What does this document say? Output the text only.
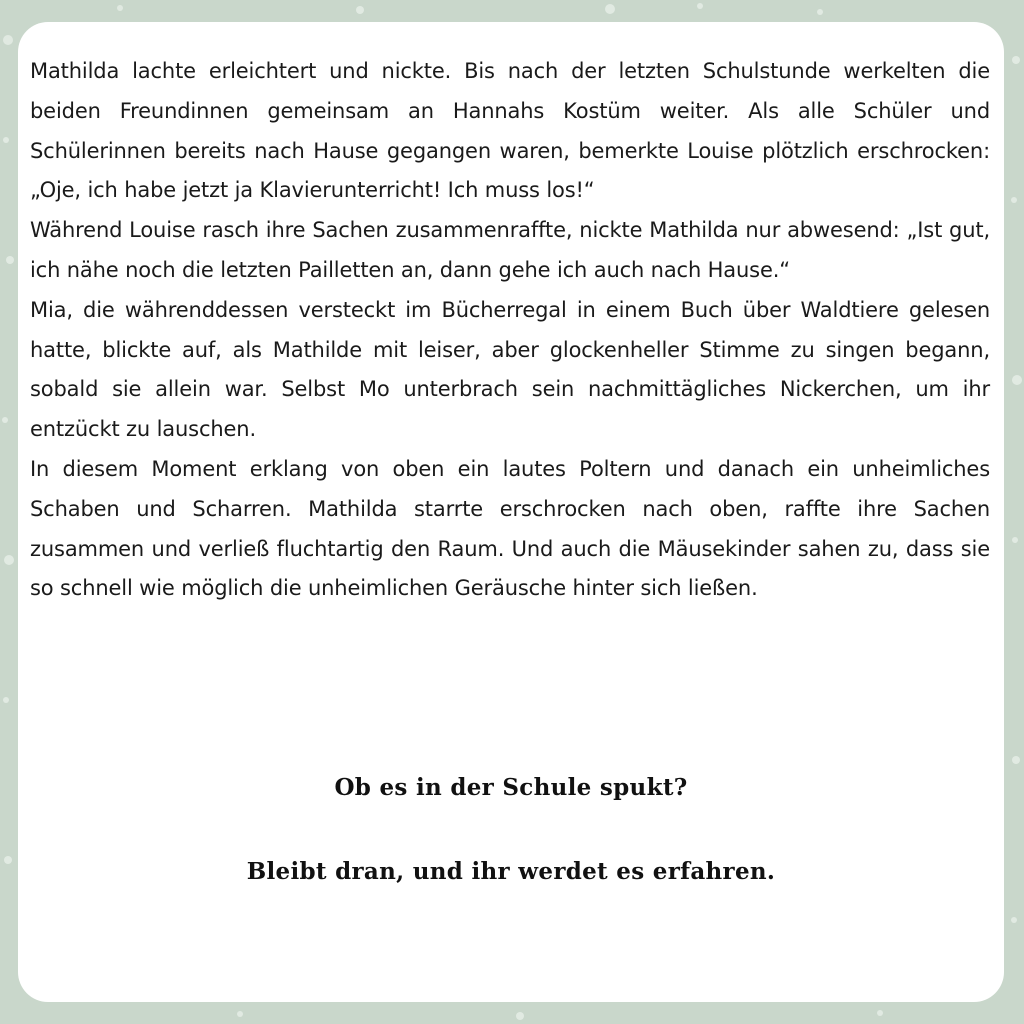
Mathilda lachte erleichtert und nickte. Bis nach der letzten Schulstunde werkelten die beiden Freundinnen gemeinsam an Hannahs Kostüm weiter. Als alle Schüler und Schülerinnen bereits nach Hause gegangen waren, bemerkte Louise plötzlich erschrocken: „Oje, ich habe jetzt ja Klavierunterricht! Ich muss los!“

Während Louise rasch ihre Sachen zusammenraffte, nickte Mathilda nur abwesend: „Ist gut, ich nähe noch die letzten Pailletten an, dann gehe ich auch nach Hause.“

Mia, die währenddessen versteckt im Bücherregal in einem Buch über Waldtiere gelesen hatte, blickte auf, als Mathilde mit leiser, aber glockenheller Stimme zu singen begann, sobald sie allein war. Selbst Mo unterbrach sein nachmittägliches Nickerchen, um ihr entzückt zu lauschen.

In diesem Moment erklang von oben ein lautes Poltern und danach ein unheimliches Schaben und Scharren. Mathilda starrte erschrocken nach oben, raffte ihre Sachen zusammen und verließ fluchtartig den Raum. Und auch die Mäusekinder sahen zu, dass sie so schnell wie möglich die unheimlichen Geräusche hinter sich ließen.

Ob es in der Schule spukt?
Bleibt dran, und ihr werdet es erfahren.
